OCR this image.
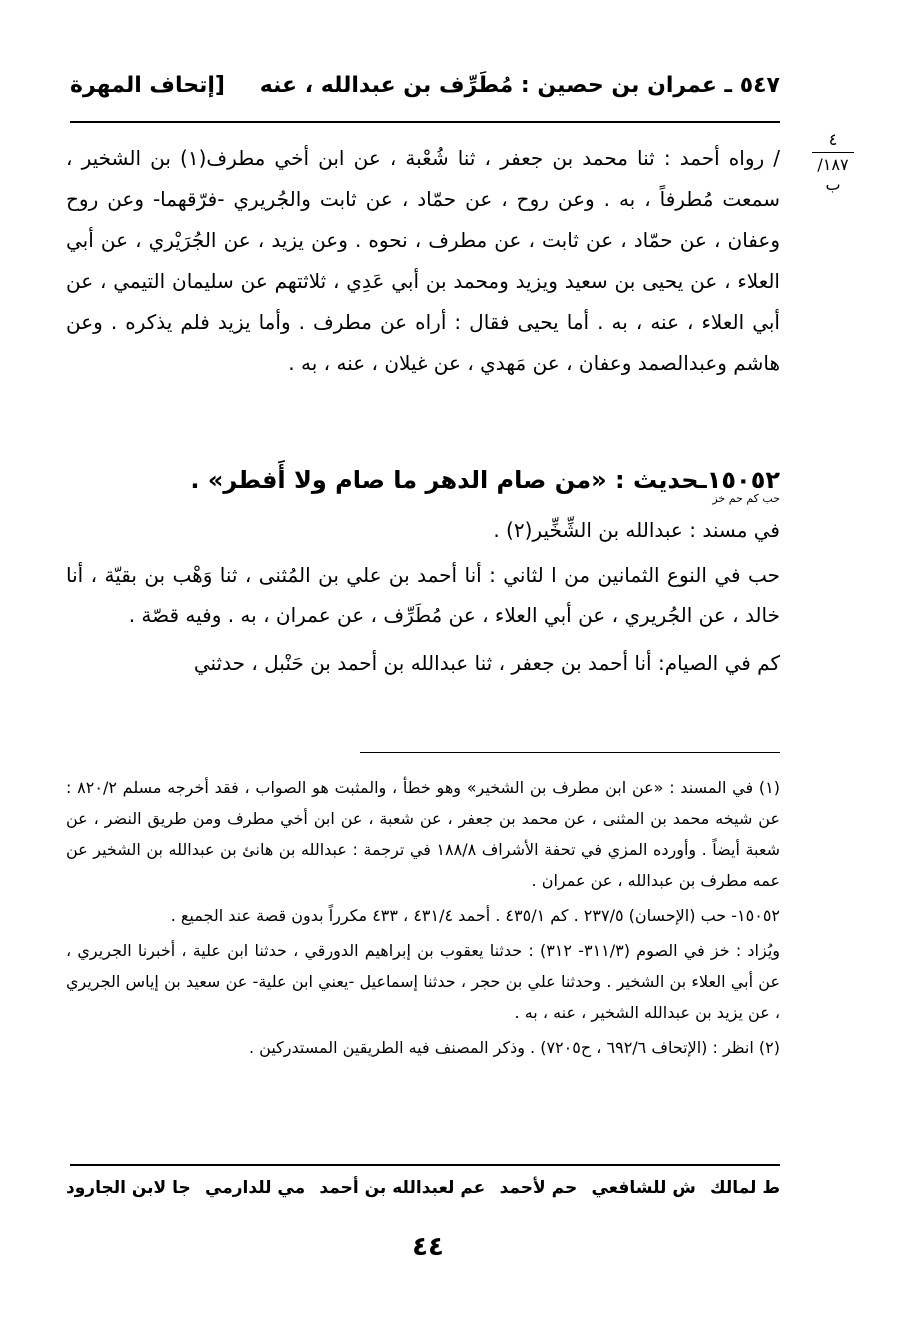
٥٤٧ ـ عمران بن حصين : مُطَرِّف بن عبدالله ، عنه
[إتحاف المهرة
٤
١٨٧/ب

/ رواه أحمد : ثنا محمد بن جعفر ، ثنا شُعْبة ، عن ابن أخي مطرف(١) بن الشخير ، سمعت مُطرفاً ، به . وعن روح ، عن حمّاد ، عن ثابت والجُريري -فرّقهما- وعن روح وعفان ، عن حمّاد ، عن ثابت ، عن مطرف ، نحوه . وعن يزيد ، عن الجُرَيْري ، عن أبي العلاء ، عن يحيى بن سعيد ويزيد ومحمد بن أبي عَدِي ، ثلاثتهم عن سليمان التيمي ، عن أبي العلاء ، عنه ، به . أما يحيى فقال : أراه عن مطرف . وأما يزيد فلم يذكره . وعن هاشم وعبدالصمد وعفان ، عن مَهدي ، عن غيلان ، عنه ، به .

١٥٠٥٢ـحديث : «من صام الدهر ما صام ولا أَفطر» .
حب كم حم خز
في مسند : عبدالله بن الشِّخِّير(٢) .

حب في النوع الثمانين من ا لثاني : أنا أحمد بن علي بن المُثنى ، ثنا وَهْب بن بقيّة ، أنا خالد ، عن الجُريري ، عن أبي العلاء ، عن مُطَرِّف ، عن عمران ، به . وفيه قصّة .

كم في الصيام: أنا أحمد بن جعفر ، ثنا عبدالله بن أحمد بن حَنْبل ، حدثني

(١) في المسند : «عن ابن مطرف بن الشخير» وهو خطأ ، والمثبت هو الصواب ، فقد أخرجه مسلم ٨٢٠/٢ : عن شيخه محمد بن المثنى ، عن محمد بن جعفر ، عن شعبة ، عن ابن أخي مطرف ومن طريق النضر ، عن شعبة أيضاً . وأورده المزي في تحفة الأشراف ١٨٨/٨ في ترجمة : عبدالله بن هانئ بن عبدالله بن الشخير عن عمه مطرف بن عبدالله ، عن عمران .

١٥٠٥٢- حب (الإحسان) ٢٣٧/٥ . كم ٤٣٥/١ . أحمد ٤٣١/٤ ، ٤٣٣ مكرراً بدون قصة عند الجميع .

ويُزاد : خز في الصوم (٣١١/٣- ٣١٢) : حدثنا يعقوب بن إبراهيم الدورقي ، حدثنا ابن علية ، أخبرنا الجريري ، عن أبي العلاء بن الشخير . وحدثنا علي بن حجر ، حدثنا إسماعيل -يعني ابن علية- عن سعيد بن إياس الجريري ، عن يزيد بن عبدالله الشخير ، عنه ، به .

(٢) انظر : (الإتحاف ٦٩٢/٦ ، ح٧٢٠٥) . وذكر المصنف فيه الطريقين المستدركين .

ط لمالك
ش للشافعي
حم لأحمد
عم لعبدالله بن أحمد
مي للدارمي
جا لابن الجارود
٤٤
